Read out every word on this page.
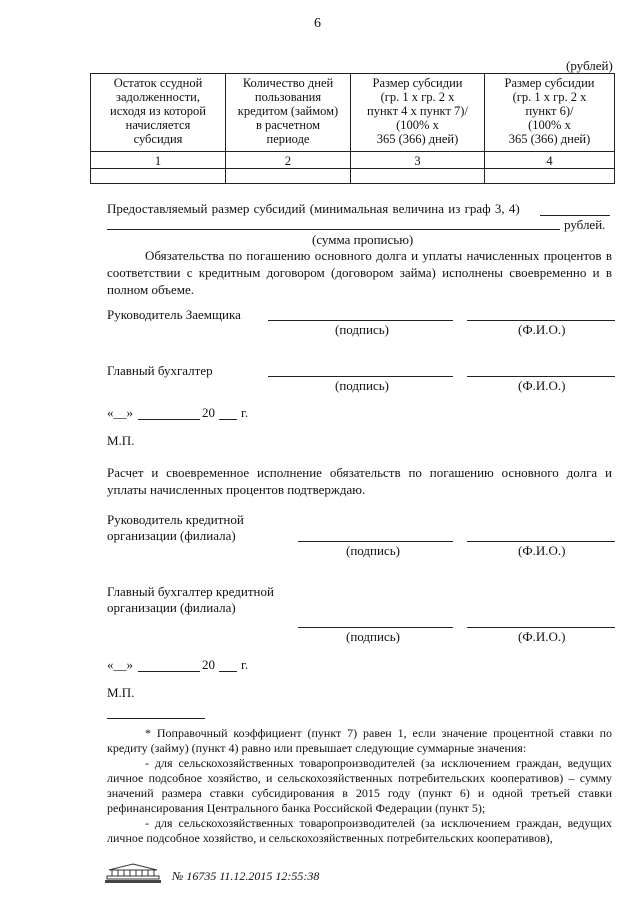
6
(рублей)
Остаток ссудной
задолженности,
исходя из которой
начисляется
субсидия	Количество дней
пользования
кредитом (займом)
в расчетном
периоде	Размер субсидии
(гр. 1 х гр. 2 х
пункт 4 х пункт 7)/
(100% х
365 (366) дней)	Размер субсидии
(гр. 1 х гр. 2 х
пункт 6)/
(100% х
365 (366) дней)

1	2	3	4

Предоставляемый размер субсидий (минимальная величина из граф 3, 4)
рублей.
(сумма прописью)
Обязательства по погашению основного долга и уплаты начисленных процентов в соответствии с кредитным договором (договором займа) исполнены своевременно и в полном объеме.
Руководитель Заемщика
(подпись)	(Ф.И.О.)
Главный бухгалтер
(подпись)	(Ф.И.О.)
«__»	20 г.
М.П.
Расчет и своевременное исполнение обязательств по погашению основного долга и уплаты начисленных процентов подтверждаю.
Руководитель кредитной
организации (филиала)
(подпись)	(Ф.И.О.)
Главный бухгалтер кредитной
организации (филиала)
(подпись)	(Ф.И.О.)
«__»	20 г.
М.П.

* Поправочный коэффициент (пункт 7) равен 1, если значение процентной ставки по кредиту (займу) (пункт 4) равно или превышает следующие суммарные значения:

- для сельскохозяйственных товаропроизводителей (за исключением граждан, ведущих личное подсобное хозяйство, и сельскохозяйственных потребительских кооперативов) – сумму значений размера ставки субсидирования в 2015 году (пункт 6) и одной третьей ставки рефинансирования Центрального банка Российской Федерации (пункт 5);

- для сельскохозяйственных товаропроизводителей (за исключением граждан, ведущих личное подсобное хозяйство, и сельскохозяйственных потребительских кооперативов),

№ 16735 11.12.2015 12:55:38
